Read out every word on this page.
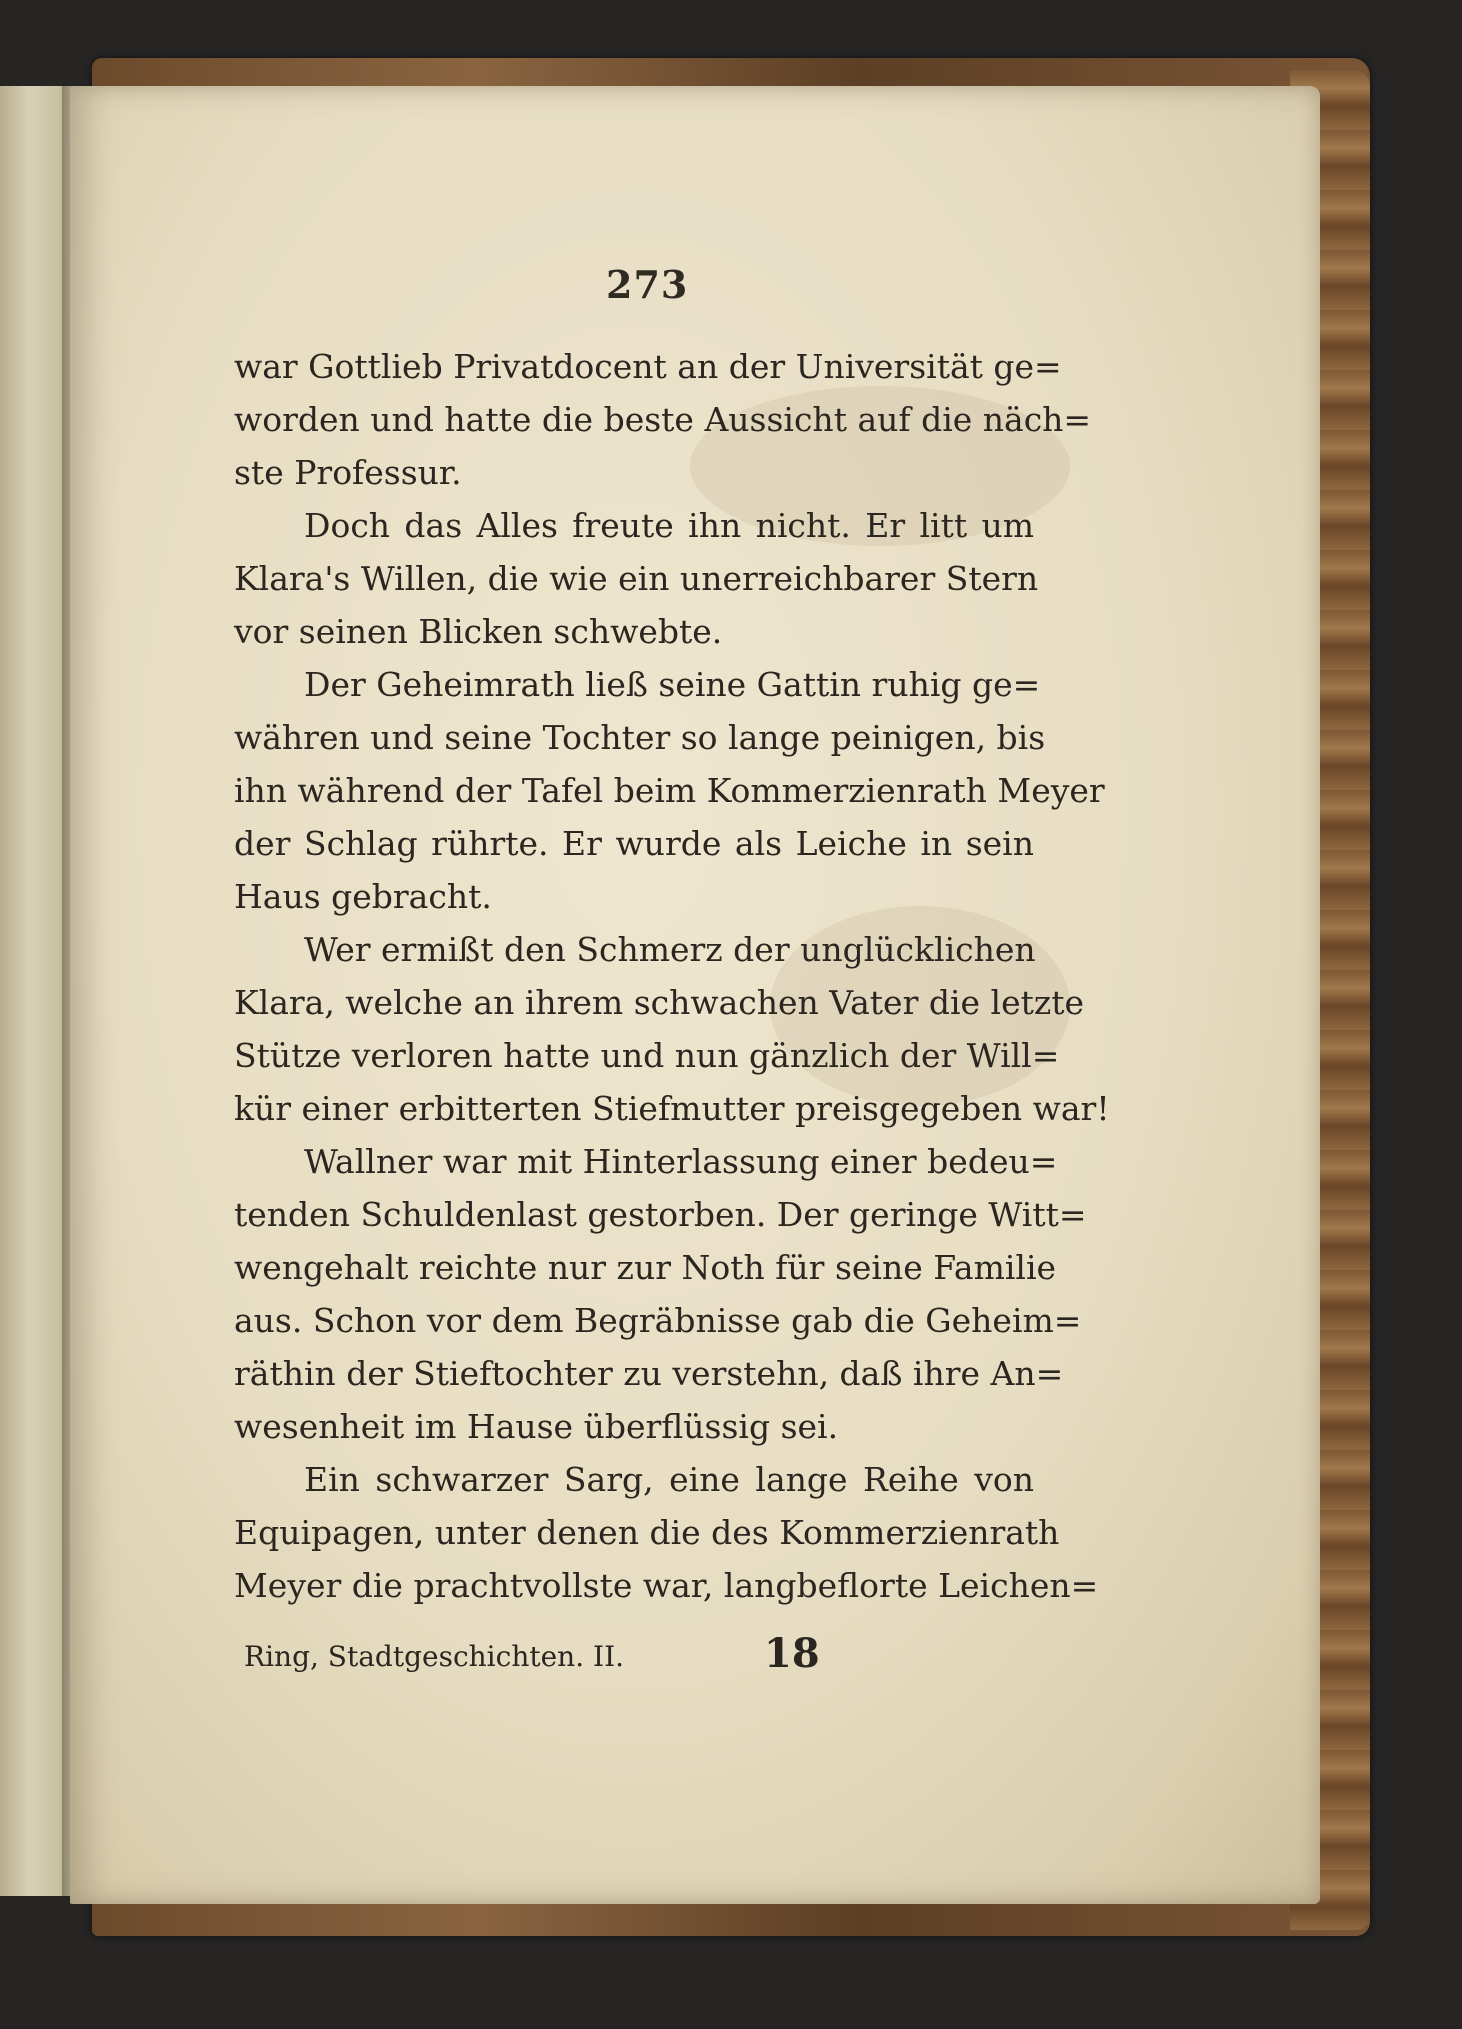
273
war Gottlieb Privatdocent an der Universität ge=
worden und hatte die beste Aussicht auf die näch=
ste Professur.
Doch das Alles freute ihn nicht. Er litt um
Klara's Willen, die wie ein unerreichbarer Stern
vor seinen Blicken schwebte.
Der Geheimrath ließ seine Gattin ruhig ge=
währen und seine Tochter so lange peinigen, bis
ihn während der Tafel beim Kommerzienrath Meyer
der Schlag rührte. Er wurde als Leiche in sein
Haus gebracht.
Wer ermißt den Schmerz der unglücklichen
Klara, welche an ihrem schwachen Vater die letzte
Stütze verloren hatte und nun gänzlich der Will=
kür einer erbitterten Stiefmutter preisgegeben war!
Wallner war mit Hinterlassung einer bedeu=
tenden Schuldenlast gestorben. Der geringe Witt=
wengehalt reichte nur zur Noth für seine Familie
aus. Schon vor dem Begräbnisse gab die Geheim=
räthin der Stieftochter zu verstehn, daß ihre An=
wesenheit im Hause überflüssig sei.
Ein schwarzer Sarg, eine lange Reihe von
Equipagen, unter denen die des Kommerzienrath
Meyer die prachtvollste war, langbeflorte Leichen=
Ring, Stadtgeschichten. II.	18
